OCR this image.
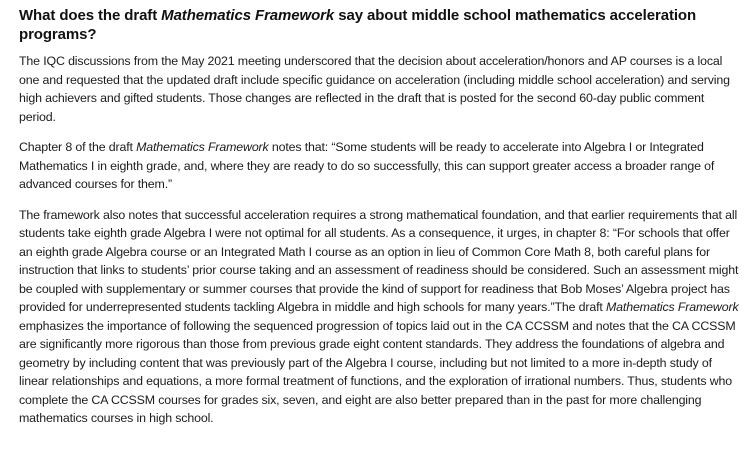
What does the draft Mathematics Framework say about middle school mathematics acceleration programs?

The IQC discussions from the May 2021 meeting underscored that the decision about acceleration/honors and AP courses is a local one and requested that the updated draft include specific guidance on acceleration (including middle school acceleration) and serving high achievers and gifted students. Those changes are reflected in the draft that is posted for the second 60-day public comment period.

Chapter 8 of the draft Mathematics Framework notes that: “Some students will be ready to accelerate into Algebra I or Integrated Mathematics I in eighth grade, and, where they are ready to do so successfully, this can support greater access a broader range of advanced courses for them.”

The framework also notes that successful acceleration requires a strong mathematical foundation, and that earlier requirements that all students take eighth grade Algebra I were not optimal for all students. As a consequence, it urges, in chapter 8: “For schools that offer an eighth grade Algebra course or an Integrated Math I course as an option in lieu of Common Core Math 8, both careful plans for instruction that links to students’ prior course taking and an assessment of readiness should be considered. Such an assessment might be coupled with supplementary or summer courses that provide the kind of support for readiness that Bob Moses’ Algebra project has provided for underrepresented students tackling Algebra in middle and high schools for many years.”The draft Mathematics Framework emphasizes the importance of following the sequenced progression of topics laid out in the CA CCSSM and notes that the CA CCSSM are significantly more rigorous than those from previous grade eight content standards. They address the foundations of algebra and geometry by including content that was previously part of the Algebra I course, including but not limited to a more in-depth study of linear relationships and equations, a more formal treatment of functions, and the exploration of irrational numbers. Thus, students who complete the CA CCSSM courses for grades six, seven, and eight are also better prepared than in the past for more challenging mathematics courses in high school.
